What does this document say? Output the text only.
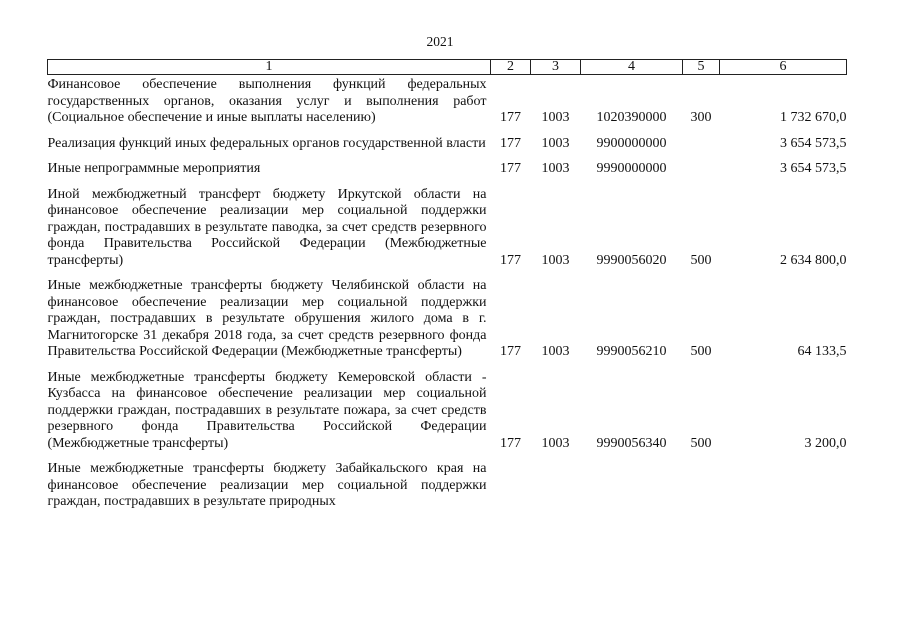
2021
1	2	3	4	5	6
Финансовое обеспечение выполнения функций федеральных государственных органов, оказания услуг и выполнения работ (Социальное обеспечение и иные выплаты населению)	177	1003	1020390000	300	1 732 670,0
Реализация функций иных федеральных органов государственной власти	177	1003	9900000000		3 654 573,5
Иные непрограммные мероприятия	177	1003	9990000000		3 654 573,5
Иной межбюджетный трансферт бюджету Иркутской области на финансовое обеспечение реализации мер социальной поддержки граждан, пострадавших в результате паводка, за счет средств резервного фонда Правительства Российской Федерации (Межбюджетные трансферты)	177	1003	9990056020	500	2 634 800,0
Иные межбюджетные трансферты бюджету Челябинской области на финансовое обеспечение реализации мер социальной поддержки граждан, пострадавших в результате обрушения жилого дома в г. Магнитогорске 31 декабря 2018 года, за счет средств резервного фонда Правительства Российской Федерации (Межбюджетные трансферты)	177	1003	9990056210	500	64 133,5
Иные межбюджетные трансферты бюджету Кемеровской области - Кузбасса на финансовое обеспечение реализации мер социальной поддержки граждан, пострадавших в результате пожара, за счет средств резервного фонда Правительства Российской Федерации (Межбюджетные трансферты)	177	1003	9990056340	500	3 200,0
Иные межбюджетные трансферты бюджету Забайкальского края на финансовое обеспечение реализации мер социальной поддержки граждан, пострадавших в результате природных					
